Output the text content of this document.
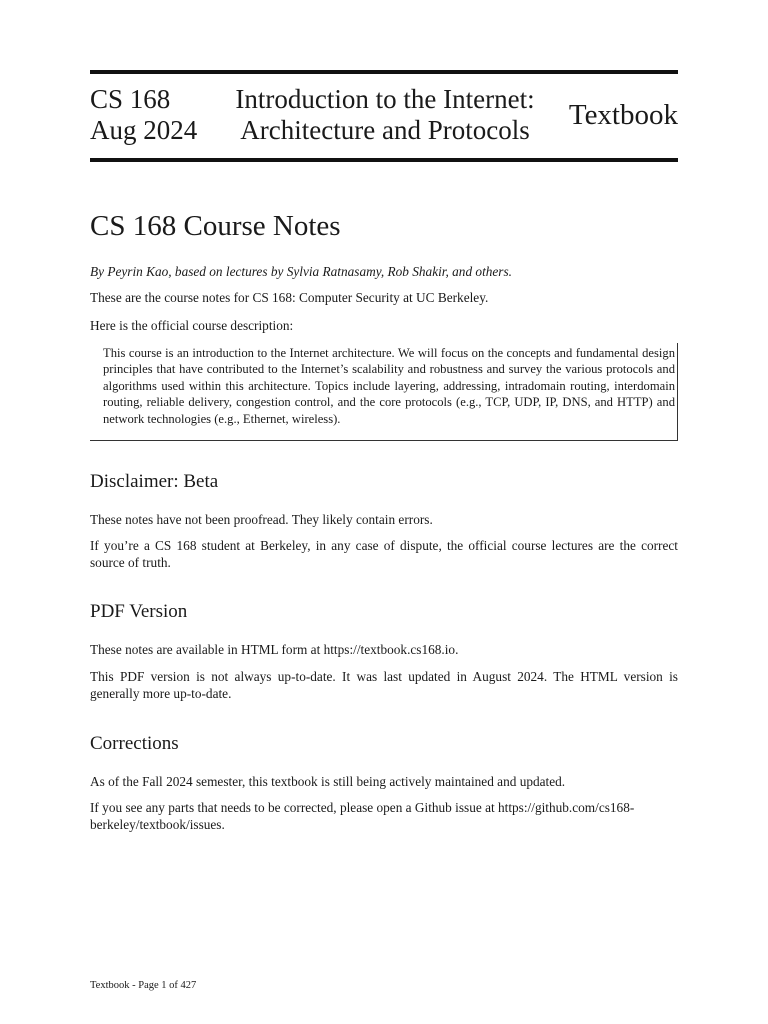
CS 168
Aug 2024
Introduction to the Internet:
Architecture and Protocols	Textbook
CS 168 Course Notes
By Peyrin Kao, based on lectures by Sylvia Ratnasamy, Rob Shakir, and others.
These are the course notes for CS 168: Computer Security at UC Berkeley.
Here is the official course description:
This course is an introduction to the Internet architecture. We will focus on the concepts and fundamental design principles that have contributed to the Internet’s scalability and robustness and survey the various protocols and algorithms used within this architecture. Topics include layering, addressing, intradomain routing, interdomain routing, reliable delivery, congestion control, and the core protocols (e.g., TCP, UDP, IP, DNS, and HTTP) and network technologies (e.g., Ethernet, wireless).
Disclaimer: Beta
These notes have not been proofread. They likely contain errors.
If you’re a CS 168 student at Berkeley, in any case of dispute, the official course lectures are the correct source of truth.
PDF Version
These notes are available in HTML form at https://textbook.cs168.io.
This PDF version is not always up-to-date. It was last updated in August 2024. The HTML version is generally more up-to-date.
Corrections
As of the Fall 2024 semester, this textbook is still being actively maintained and updated.
If you see any parts that needs to be corrected, please open a Github issue at https://github.com/cs168-berkeley/textbook/issues.
Textbook - Page 1 of 427
